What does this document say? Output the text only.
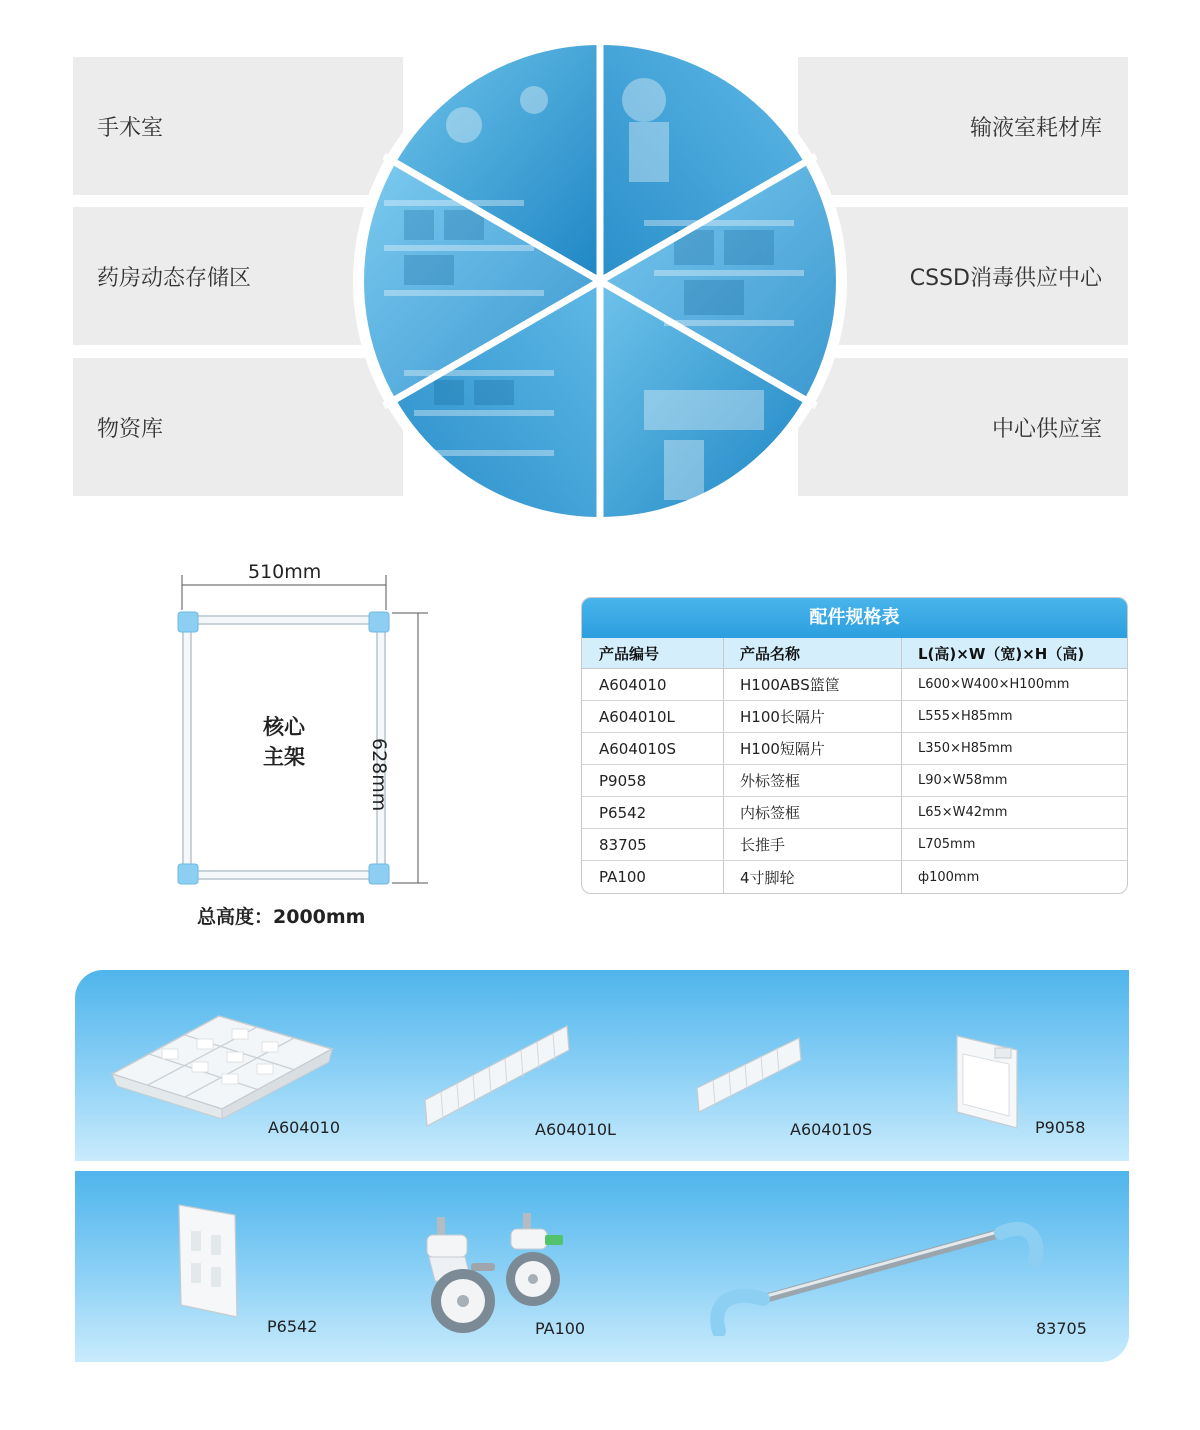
手术室
药房动态存储区
物资库
输液室耗材库
CSSD消毒供应中心
中心供应室
510mm
核心
主架	628mm
总高度：2000mm
配件规格表
产品编号	产品名称	L(高)×W（宽)×H（高)
A604010	H100ABS篮筐	L600×W400×H100mm
A604010L	H100长隔片	L555×H85mm
A604010S	H100短隔片	L350×H85mm
P9058	外标签框	L90×W58mm
P6542	内标签框	L65×W42mm
83705	长推手	L705mm
PA100	4寸脚轮	ф100mm
A604010	A604010L	A604010S	P9058
P6542	PA100	83705
